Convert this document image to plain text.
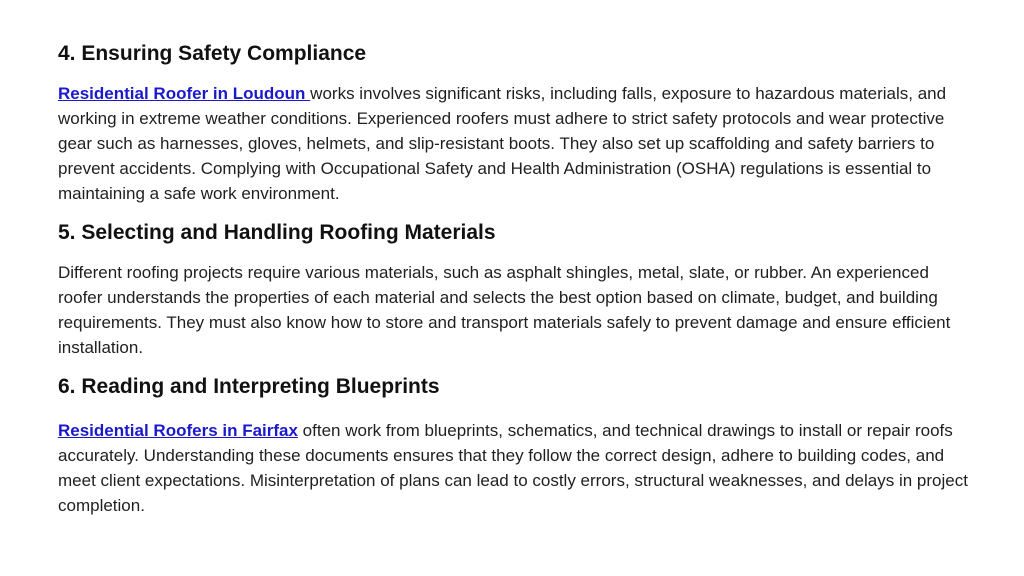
4. Ensuring Safety Compliance

Residential Roofer in Loudoun works involves significant risks, including falls, exposure to hazardous materials, and working in extreme weather conditions. Experienced roofers must adhere to strict safety protocols and wear protective gear such as harnesses, gloves, helmets, and slip-resistant boots. They also set up scaffolding and safety barriers to prevent accidents. Complying with Occupational Safety and Health Administration (OSHA) regulations is essential to maintaining a safe work environment.

5. Selecting and Handling Roofing Materials

Different roofing projects require various materials, such as asphalt shingles, metal, slate, or rubber. An experienced roofer understands the properties of each material and selects the best option based on climate, budget, and building requirements. They must also know how to store and transport materials safely to prevent damage and ensure efficient installation.

6. Reading and Interpreting Blueprints

Residential Roofers in Fairfax often work from blueprints, schematics, and technical drawings to install or repair roofs accurately. Understanding these documents ensures that they follow the correct design, adhere to building codes, and meet client expectations. Misinterpretation of plans can lead to costly errors, structural weaknesses, and delays in project completion.
